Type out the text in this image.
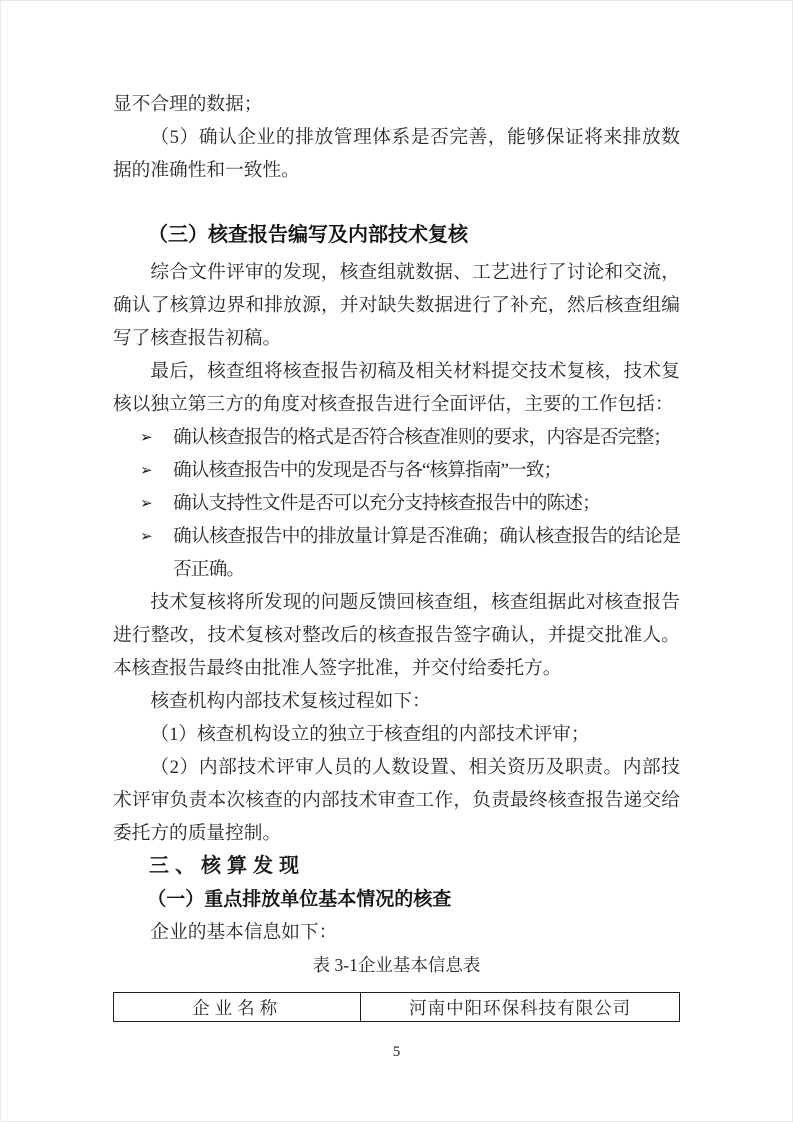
显不合理的数据；

（5）确认企业的排放管理体系是否完善，能够保证将来排放数据的准确性和一致性。

（三）核查报告编写及内部技术复核

综合文件评审的发现，核查组就数据、工艺进行了讨论和交流，确认了核算边界和排放源，并对缺失数据进行了补充，然后核查组编写了核查报告初稿。

最后，核查组将核查报告初稿及相关材料提交技术复核，技术复核以独立第三方的角度对核查报告进行全面评估，主要的工作包括：

➢	确认核查报告的格式是否符合核查准则的要求，内容是否完整；
➢	确认核查报告中的发现是否与各“核算指南”一致；
➢	确认支持性文件是否可以充分支持核查报告中的陈述；
➢	确认核查报告中的排放量计算是否准确；确认核查报告的结论是否正确。

技术复核将所发现的问题反馈回核查组，核查组据此对核查报告进行整改，技术复核对整改后的核查报告签字确认，并提交批准人。本核查报告最终由批准人签字批准，并交付给委托方。

核查机构内部技术复核过程如下：

（1）核查机构设立的独立于核查组的内部技术评审；

（2）内部技术评审人员的人数设置、相关资历及职责。内部技术评审负责本次核查的内部技术审查工作，负责最终核查报告递交给委托方的质量控制。

三、核算发现
（一）重点排放单位基本情况的核查

企业的基本信息如下：

表 3-1企业基本信息表
企业名称	河南中阳环保科技有限公司
5
